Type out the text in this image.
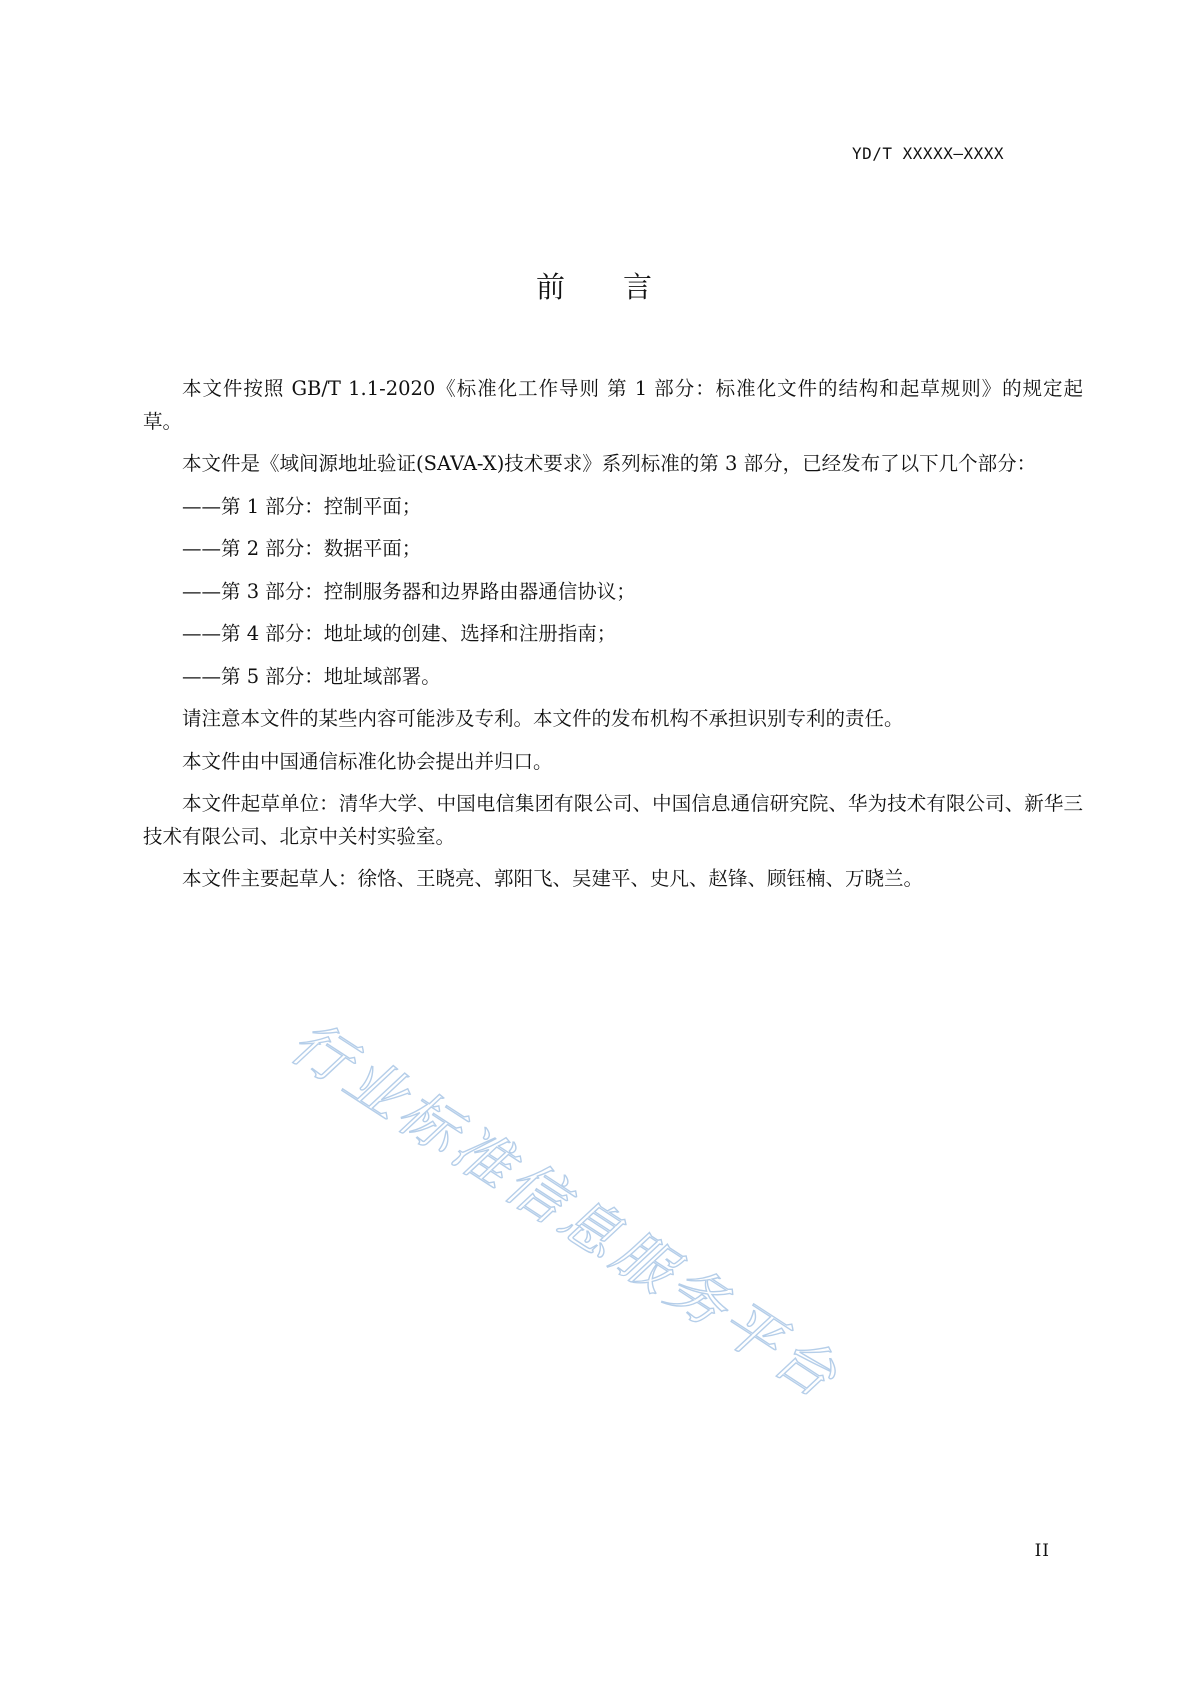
YD/T XXXXX—XXXX
前 言

本文件按照 GB/T 1.1-2020《标准化工作导则 第 1 部分：标准化文件的结构和起草规则》的规定起草。

本文件是《域间源地址验证(SAVA-X)技术要求》系列标准的第 3 部分，已经发布了以下几个部分：

——第 1 部分：控制平面；

——第 2 部分：数据平面；

——第 3 部分：控制服务器和边界路由器通信协议；

——第 4 部分：地址域的创建、选择和注册指南；

——第 5 部分：地址域部署。

请注意本文件的某些内容可能涉及专利。本文件的发布机构不承担识别专利的责任。

本文件由中国通信标准化协会提出并归口。

本文件起草单位：清华大学、中国电信集团有限公司、中国信息通信研究院、华为技术有限公司、新华三技术有限公司、北京中关村实验室。

本文件主要起草人：徐恪、王晓亮、郭阳飞、吴建平、史凡、赵锋、顾钰楠、万晓兰。

行业标准信息服务平台
II
